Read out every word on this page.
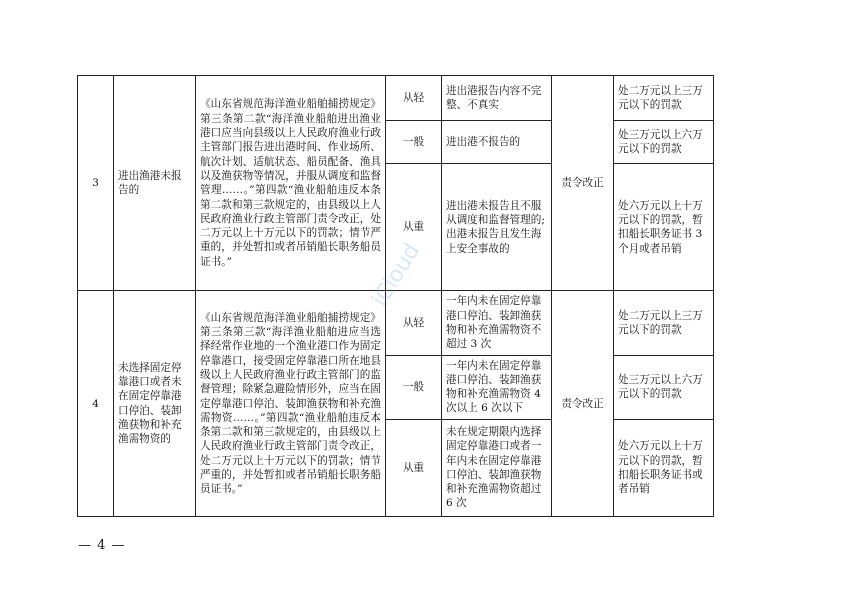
3	进出渔港未报告的	《山东省规范海洋渔业船舶捕捞规定》第三条第二款“海洋渔业船舶进出渔业港口应当向县级以上人民政府渔业行政主管部门报告进出港时间、作业场所、航次计划、适航状态、船员配备、渔具以及渔获物等情况，并服从调度和监督管理……。”第四款“渔业船舶违反本条第二款和第三款规定的，由县级以上人民政府渔业行政主管部门责令改正，处二万元以上十万元以下的罚款；情节严重的，并处暂扣或者吊销船长职务船员证书。”	从轻	进出港报告内容不完整、不真实	责令改正	处二万元以上三万元以下的罚款
			一般	进出港不报告的		处三万元以上六万元以下的罚款
			从重	进出港未报告且不服从调度和监督管理的;出港未报告且发生海上安全事故的		处六万元以上十万元以下的罚款，暂扣船长职务证书 3 个月或者吊销
4	未选择固定停靠港口或者未在固定停靠港口停泊、装卸渔获物和补充渔需物资的	《山东省规范海洋渔业船舶捕捞规定》第三条第三款“海洋渔业船舶进应当选择经常作业地的一个渔业港口作为固定停靠港口，接受固定停靠港口所在地县级以上人民政府渔业行政主管部门的监督管理；除紧急避险情形外，应当在固定停靠港口停泊、装卸渔获物和补充渔需物资……。”第四款“渔业船舶违反本条第二款和第三款规定的，由县级以上人民政府渔业行政主管部门责令改正，处二万元以上十万元以下的罚款；情节严重的，并处暂扣或者吊销船长职务船员证书。”	从轻	一年内未在固定停靠港口停泊、装卸渔获物和补充渔需物资不超过 3 次	责令改正	处二万元以上三万元以下的罚款
			一般	一年内未在固定停靠港口停泊、装卸渔获物和补充渔需物资 4 次以上 6 次以下		处三万元以上六万元以下的罚款
			从重	未在规定期限内选择固定停靠港口或者一年内未在固定停靠港口停泊、装卸渔获物和补充渔需物资超过 6 次		处六万元以上十万元以下的罚款，暂扣船长职务证书或者吊销
iCloud
— 4 —
